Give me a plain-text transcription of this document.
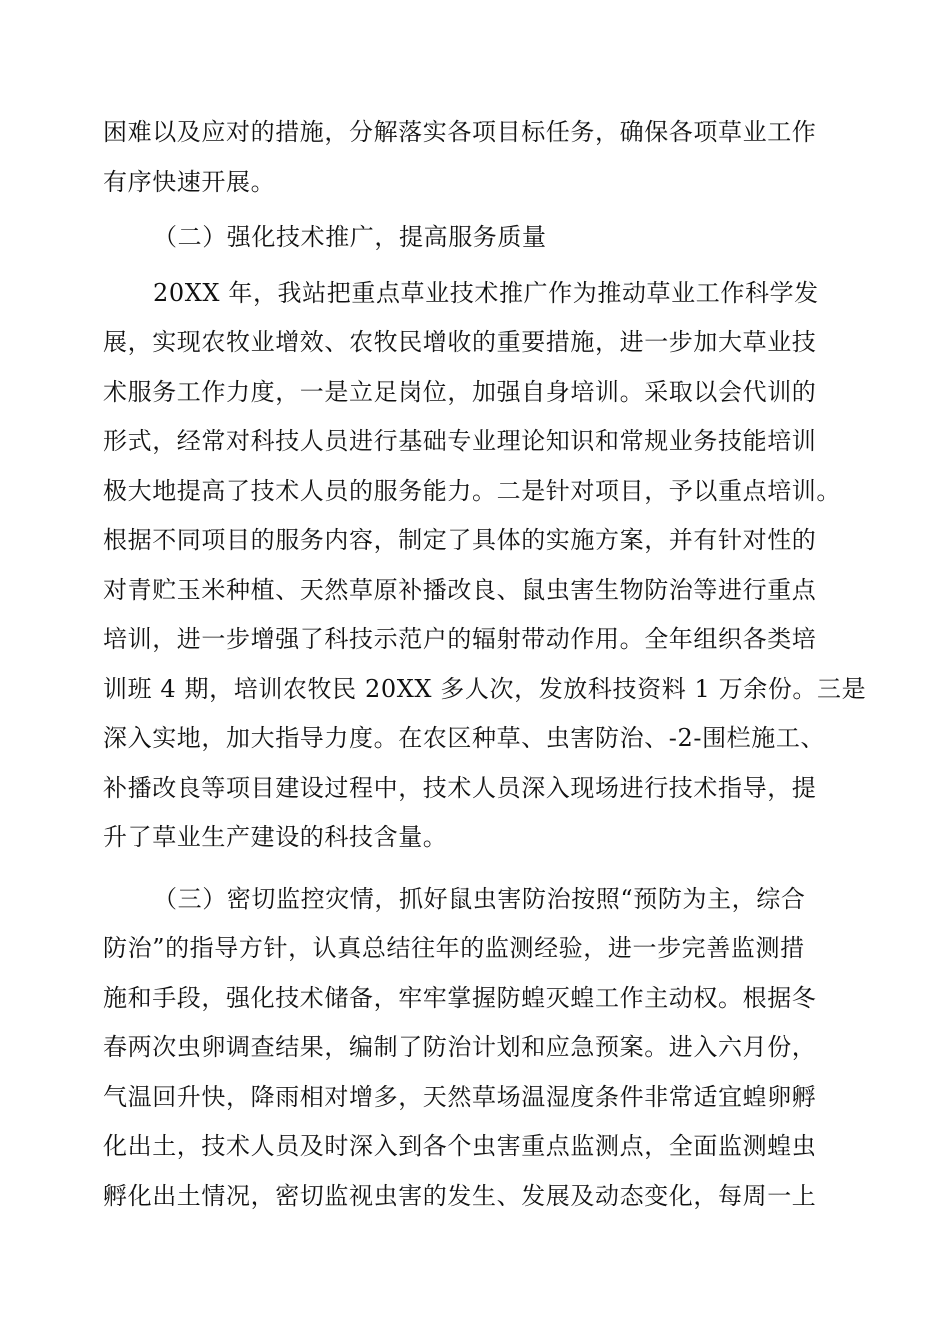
困难以及应对的措施，分解落实各项目标任务，确保各项草业工作
有序快速开展。
（二）强化技术推广，提高服务质量
20XX 年，我站把重点草业技术推广作为推动草业工作科学发
展，实现农牧业增效、农牧民增收的重要措施，进一步加大草业技
术服务工作力度，一是立足岗位，加强自身培训。采取以会代训的
形式，经常对科技人员进行基础专业理论知识和常规业务技能培训
极大地提高了技术人员的服务能力。二是针对项目，予以重点培训。
根据不同项目的服务内容，制定了具体的实施方案，并有针对性的
对青贮玉米种植、天然草原补播改良、鼠虫害生物防治等进行重点
培训，进一步增强了科技示范户的辐射带动作用。全年组织各类培
训班 4 期，培训农牧民 20XX 多人次，发放科技资料 1 万余份。三是
深入实地，加大指导力度。在农区种草、虫害防治、-2-围栏施工、
补播改良等项目建设过程中，技术人员深入现场进行技术指导，提
升了草业生产建设的科技含量。
（三）密切监控灾情，抓好鼠虫害防治按照“预防为主，综合
防治”的指导方针，认真总结往年的监测经验，进一步完善监测措
施和手段，强化技术储备，牢牢掌握防蝗灭蝗工作主动权。根据冬
春两次虫卵调查结果，编制了防治计划和应急预案。进入六月份，
气温回升快，降雨相对增多，天然草场温湿度条件非常适宜蝗卵孵
化出土，技术人员及时深入到各个虫害重点监测点，全面监测蝗虫
孵化出土情况，密切监视虫害的发生、发展及动态变化，每周一上
